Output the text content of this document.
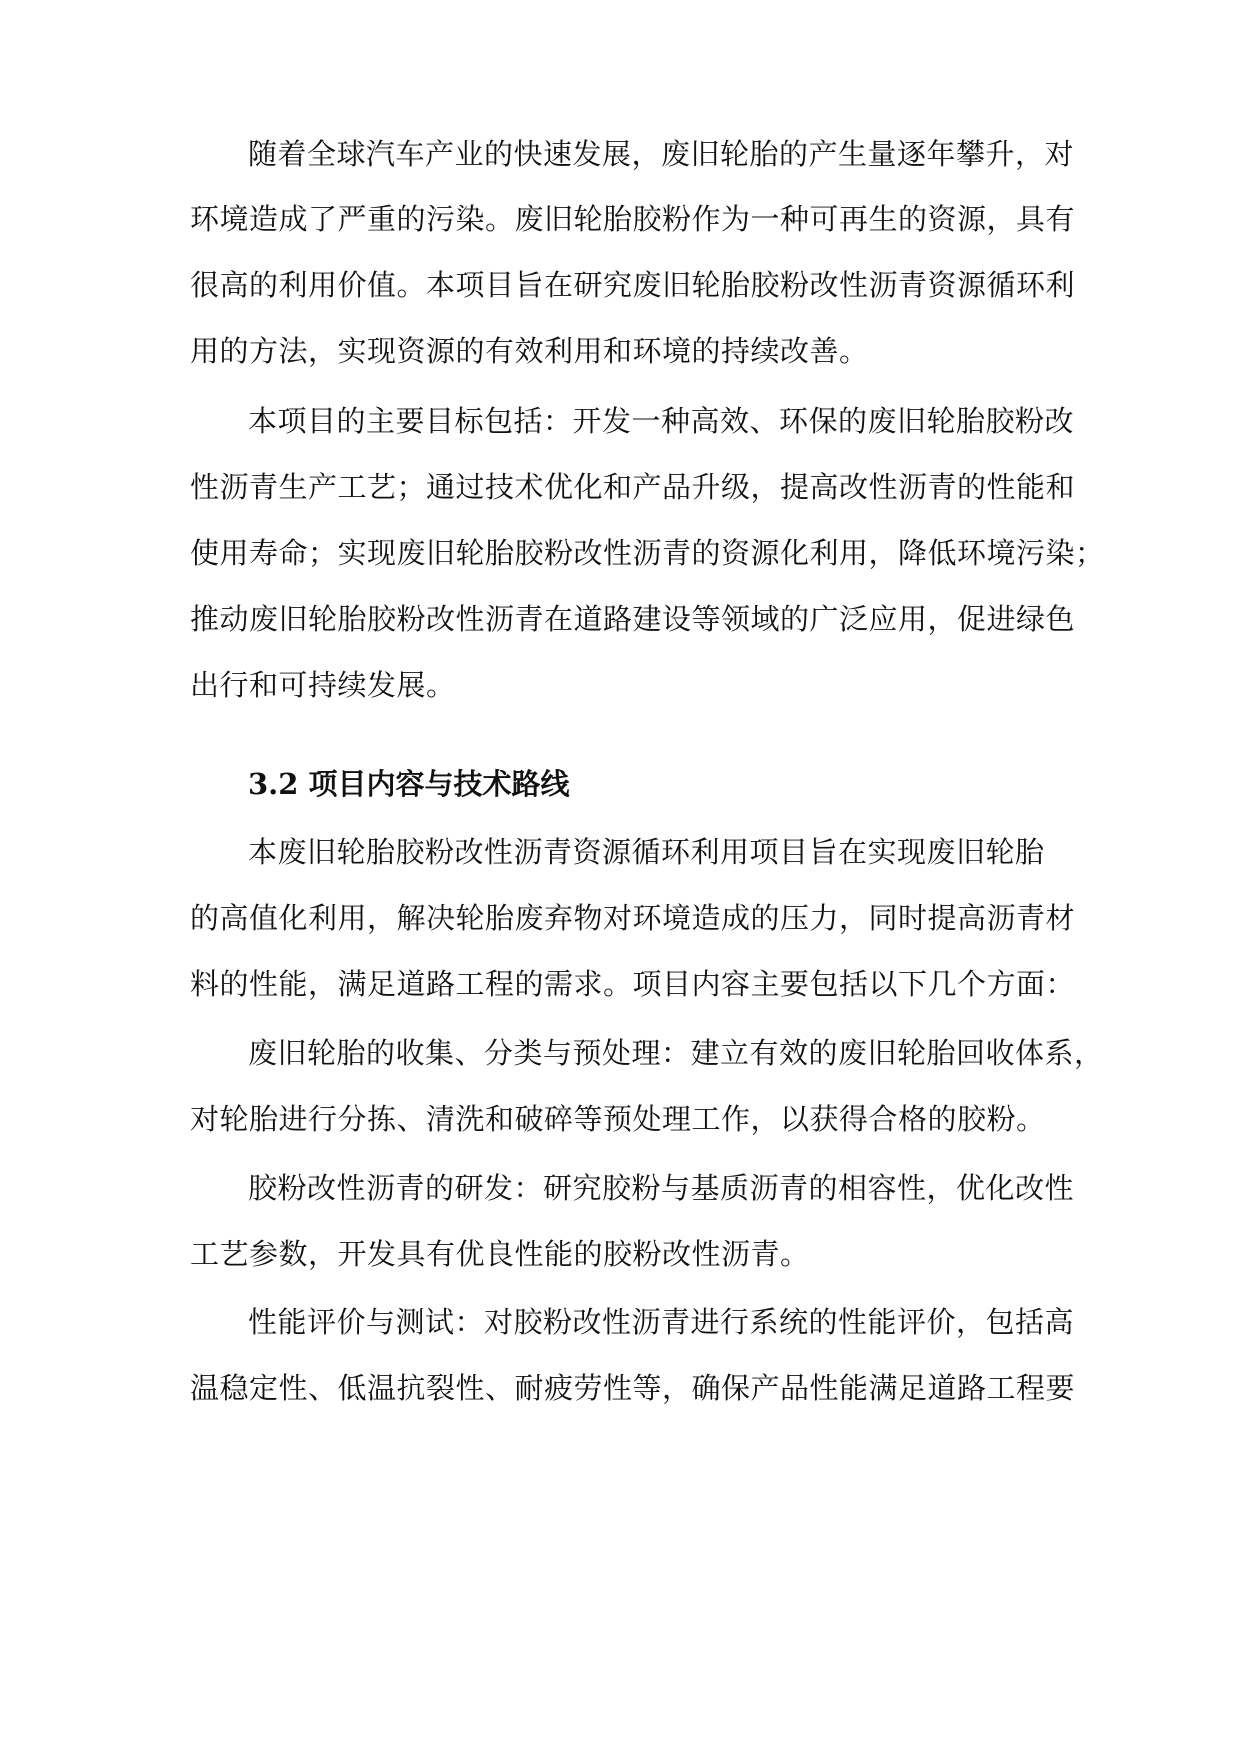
随着全球汽车产业的快速发展，废旧轮胎的产生量逐年攀升，对
环境造成了严重的污染。废旧轮胎胶粉作为一种可再生的资源，具有
很高的利用价值。本项目旨在研究废旧轮胎胶粉改性沥青资源循环利
用的方法，实现资源的有效利用和环境的持续改善。
本项目的主要目标包括：开发一种高效、环保的废旧轮胎胶粉改
性沥青生产工艺；通过技术优化和产品升级，提高改性沥青的性能和
使用寿命；实现废旧轮胎胶粉改性沥青的资源化利用，降低环境污染；
推动废旧轮胎胶粉改性沥青在道路建设等领域的广泛应用，促进绿色
出行和可持续发展。
3.2 项目内容与技术路线
本废旧轮胎胶粉改性沥青资源循环利用项目旨在实现废旧轮胎
的高值化利用，解决轮胎废弃物对环境造成的压力，同时提高沥青材
料的性能，满足道路工程的需求。项目内容主要包括以下几个方面：
废旧轮胎的收集、分类与预处理：建立有效的废旧轮胎回收体系，
对轮胎进行分拣、清洗和破碎等预处理工作，以获得合格的胶粉。
胶粉改性沥青的研发：研究胶粉与基质沥青的相容性，优化改性
工艺参数，开发具有优良性能的胶粉改性沥青。
性能评价与测试：对胶粉改性沥青进行系统的性能评价，包括高
温稳定性、低温抗裂性、耐疲劳性等，确保产品性能满足道路工程要
